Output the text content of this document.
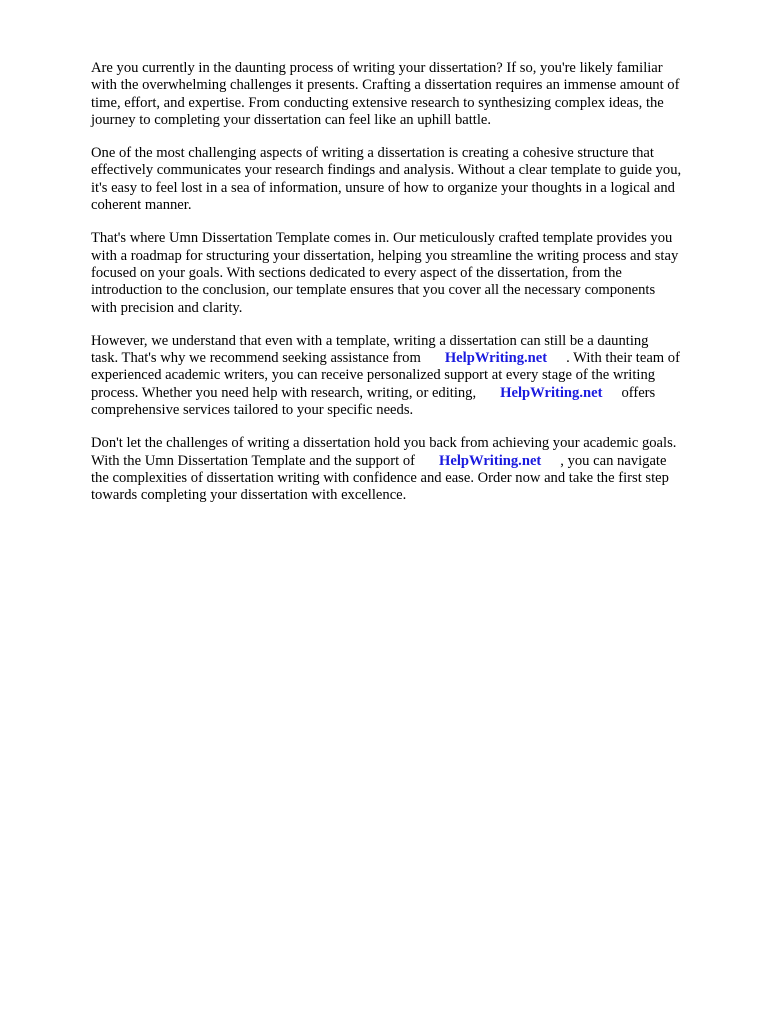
Are you currently in the daunting process of writing your dissertation? If so, you're likely familiar
with the overwhelming challenges it presents. Crafting a dissertation requires an immense amount of
time, effort, and expertise. From conducting extensive research to synthesizing complex ideas, the
journey to completing your dissertation can feel like an uphill battle.

One of the most challenging aspects of writing a dissertation is creating a cohesive structure that
effectively communicates your research findings and analysis. Without a clear template to guide you,
it's easy to feel lost in a sea of information, unsure of how to organize your thoughts in a logical and
coherent manner.

That's where Umn Dissertation Template comes in. Our meticulously crafted template provides you
with a roadmap for structuring your dissertation, helping you streamline the writing process and stay
focused on your goals. With sections dedicated to every aspect of the dissertation, from the
introduction to the conclusion, our template ensures that you cover all the necessary components
with precision and clarity.

However, we understand that even with a template, writing a dissertation can still be a daunting
task. That's why we recommend seeking assistance from HelpWriting.net . With their team of
experienced academic writers, you can receive personalized support at every stage of the writing
process. Whether you need help with research, writing, or editing, HelpWriting.net offers
comprehensive services tailored to your specific needs.

Don't let the challenges of writing a dissertation hold you back from achieving your academic goals.
With the Umn Dissertation Template and the support of HelpWriting.net , you can navigate
the complexities of dissertation writing with confidence and ease. Order now and take the first step
towards completing your dissertation with excellence.
